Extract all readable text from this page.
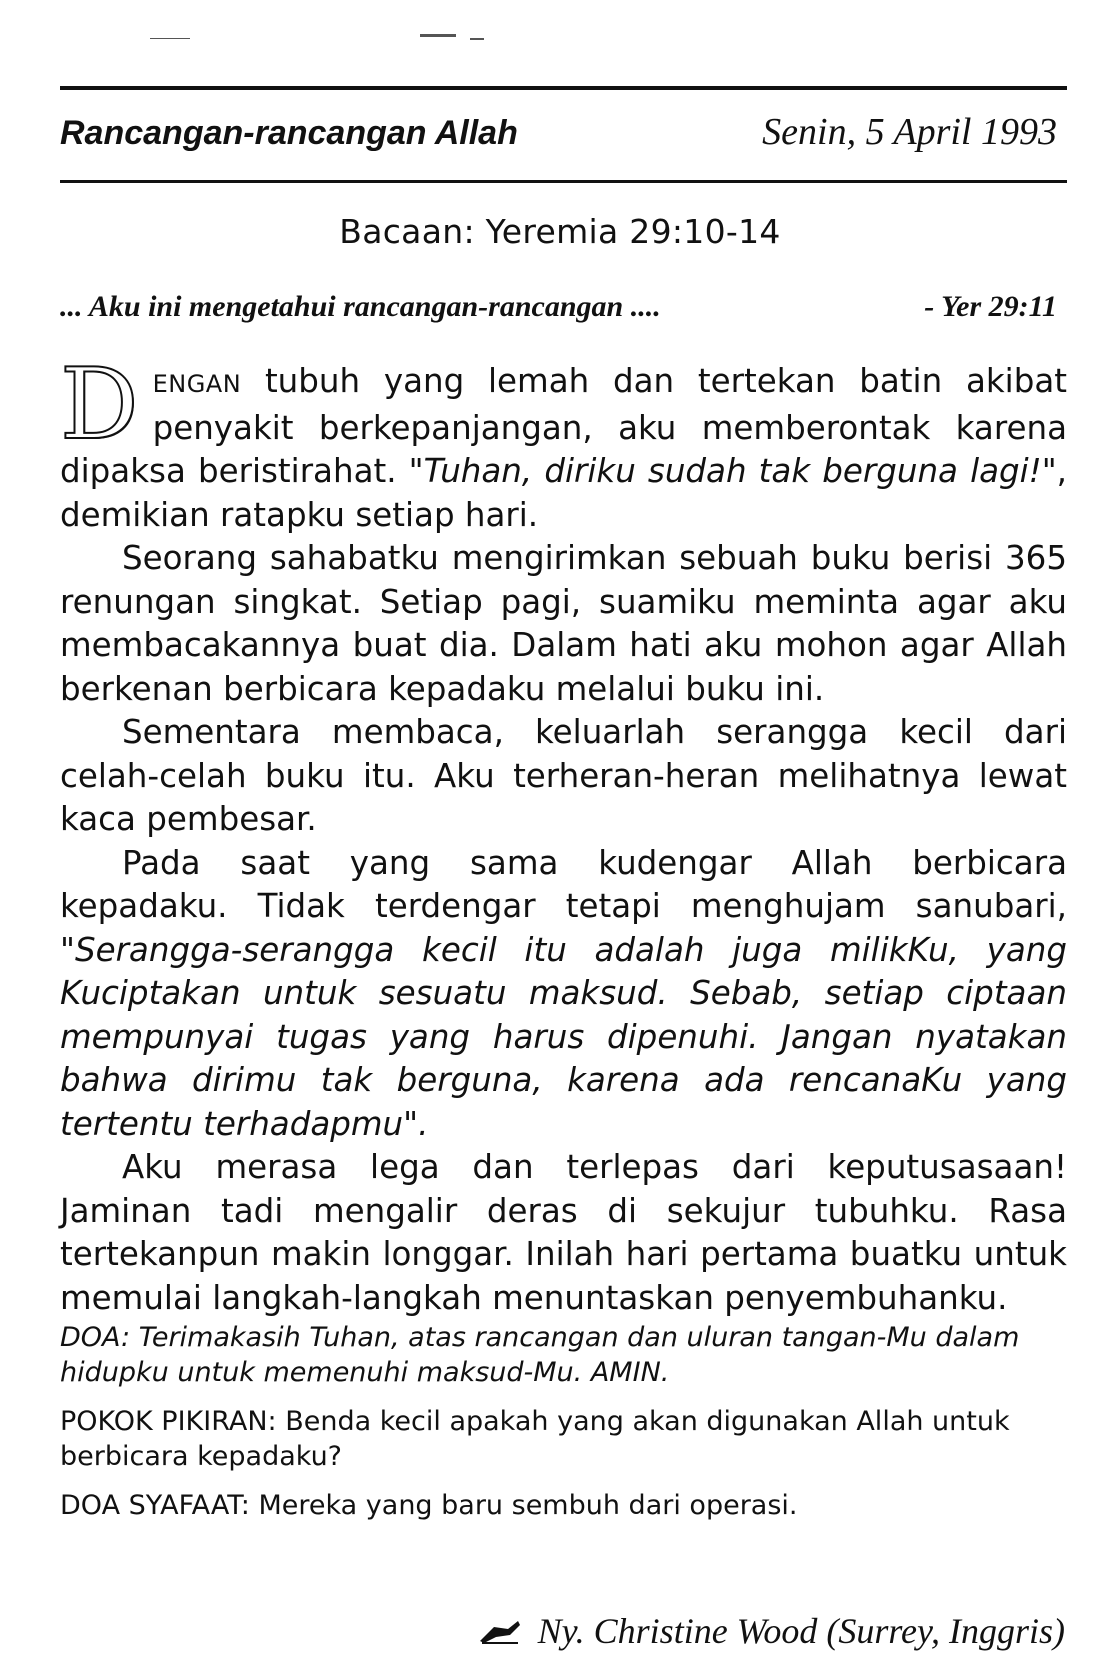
Rancangan-rancangan Allah	Senin, 5 April 1993
Bacaan: Yeremia 29:10-14
... Aku ini mengetahui rancangan-rancangan ....	- Yer 29:11

DENGAN tubuh yang lemah dan tertekan batin akibat penyakit berkepanjangan, aku memberontak karena dipaksa beristirahat. "Tuhan, diriku sudah tak berguna lagi!", demikian ratapku setiap hari.

Seorang sahabatku mengirimkan sebuah buku berisi 365 renungan singkat. Setiap pagi, suamiku meminta agar aku membacakannya buat dia. Dalam hati aku mohon agar Allah berkenan berbicara kepadaku melalui buku ini.

Sementara membaca, keluarlah serangga kecil dari celah-celah buku itu. Aku terheran-heran melihatnya lewat kaca pembesar.

Pada saat yang sama kudengar Allah berbicara kepadaku. Tidak terdengar tetapi menghujam sanubari, "Serangga-serangga kecil itu adalah juga milikKu, yang Kuciptakan untuk sesuatu maksud. Sebab, setiap ciptaan mempunyai tugas yang harus dipenuhi. Jangan nyatakan bahwa dirimu tak berguna, karena ada rencanaKu yang tertentu terhadapmu".

Aku merasa lega dan terlepas dari keputusasaan! Jaminan tadi mengalir deras di sekujur tubuhku. Rasa tertekanpun makin longgar. Inilah hari pertama buatku untuk memulai langkah-langkah menuntaskan penyembuhanku.

DOA: Terimakasih Tuhan, atas rancangan dan uluran tangan-Mu dalam hidupku untuk memenuhi maksud-Mu. AMIN.

POKOK PIKIRAN: Benda kecil apakah yang akan digunakan Allah untuk berbicara kepadaku?

DOA SYAFAAT: Mereka yang baru sembuh dari operasi.

Ny. Christine Wood (Surrey, Inggris)
